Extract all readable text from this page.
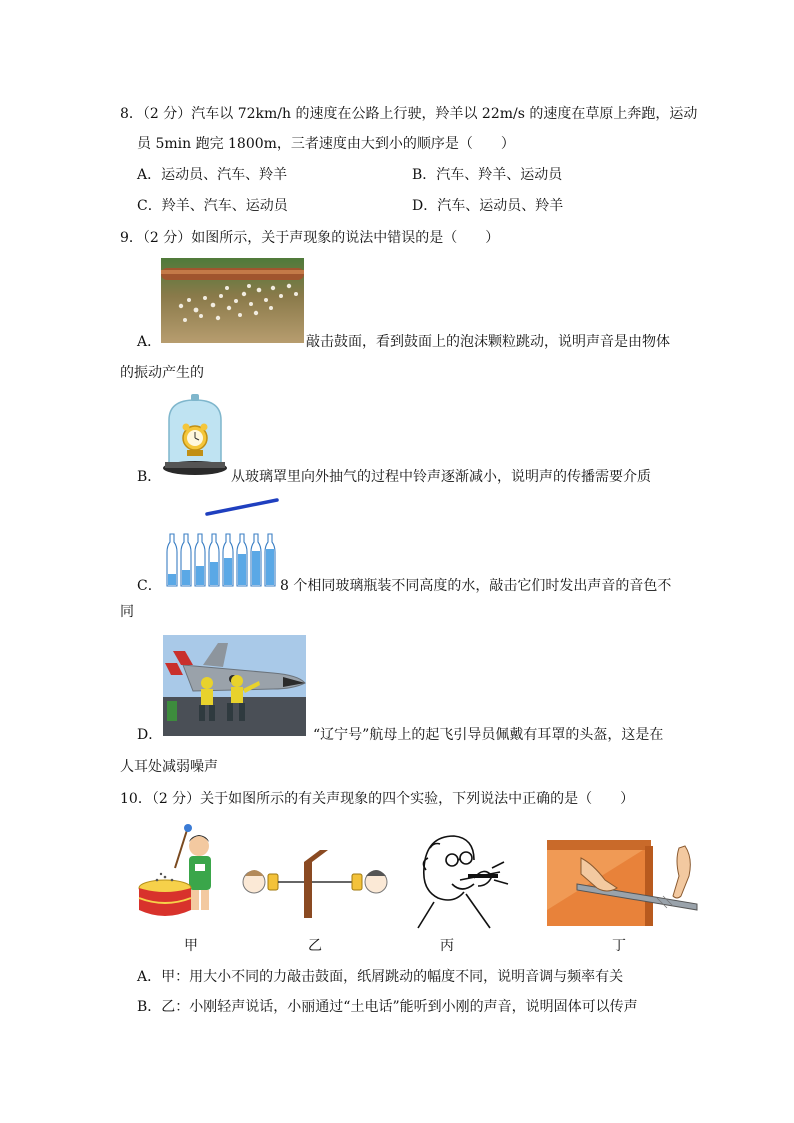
8．（2 分）汽车以 72km/h 的速度在公路上行驶，羚羊以 22m/s 的速度在草原上奔跑，运动
员 5min 跑完 1800m，三者速度由大到小的顺序是（　　）
A．运动员、汽车、羚羊	B．汽车、羚羊、运动员
C．羚羊、汽车、运动员	D．汽车、运动员、羚羊
9．（2 分）如图所示，关于声现象的说法中错误的是（　　）
A．	敲击鼓面，看到鼓面上的泡沫颗粒跳动，说明声音是由物体
的振动产生的
B．	从玻璃罩里向外抽气的过程中铃声逐渐减小，说明声的传播需要介质
C．	8 个相同玻璃瓶装不同高度的水，敲击它们时发出声音的音色不
同
D．	“辽宁号”航母上的起飞引导员佩戴有耳罩的头盔，这是在
人耳处减弱噪声
10．（2 分）关于如图所示的有关声现象的四个实验，下列说法中正确的是（　　）
甲	乙	丙	丁
A．甲：用大小不同的力敲击鼓面，纸屑跳动的幅度不同，说明音调与频率有关
B．乙：小刚轻声说话，小丽通过“土电话”能听到小刚的声音，说明固体可以传声
